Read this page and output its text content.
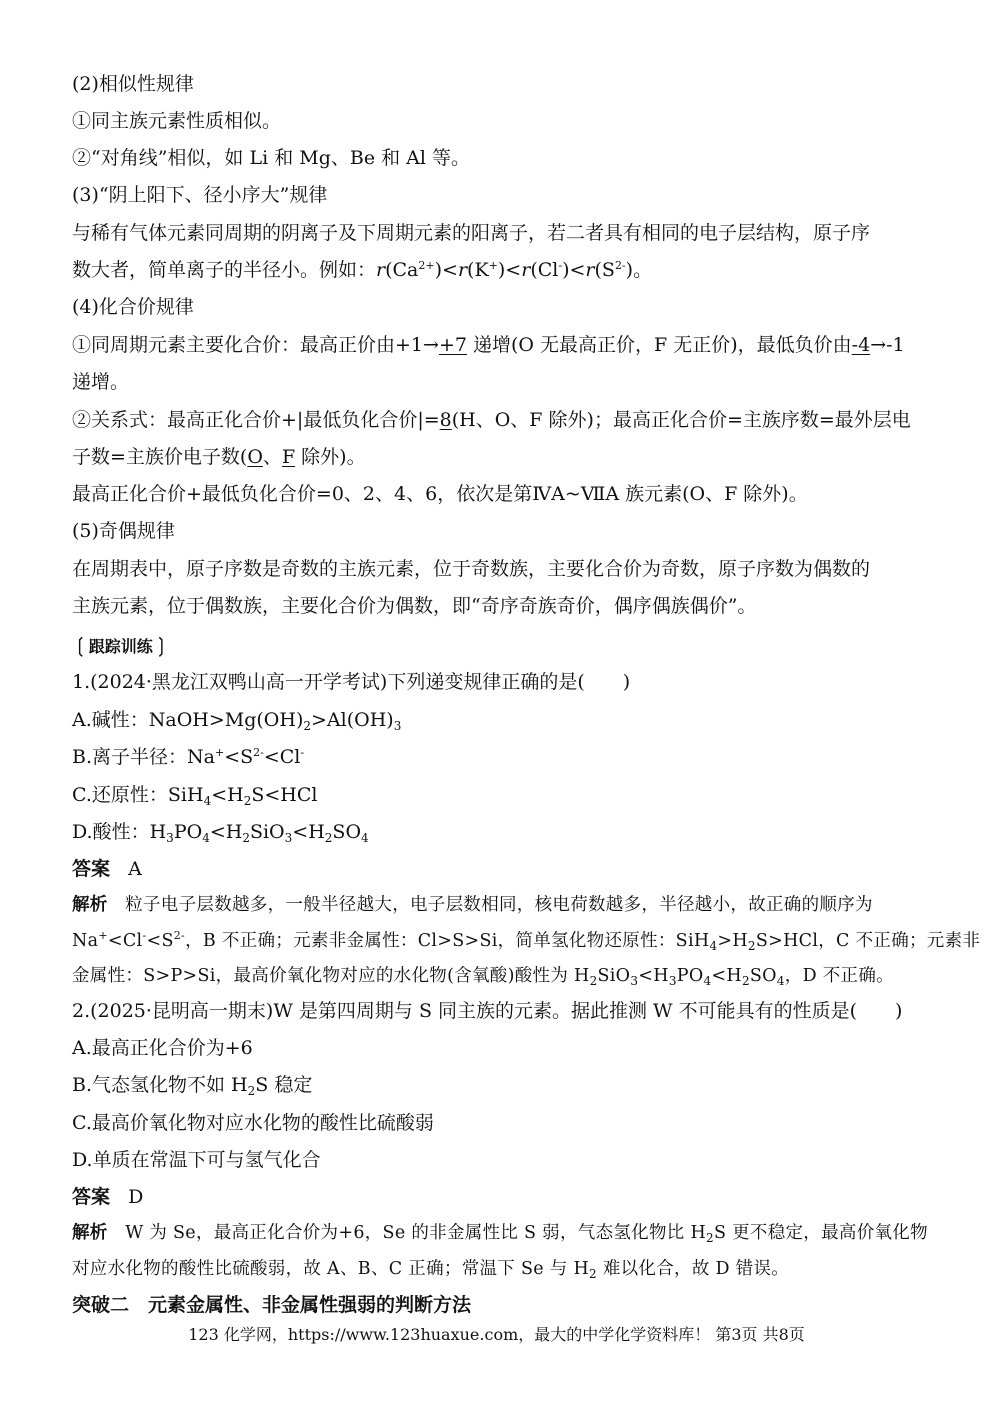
(2)相似性规律
①同主族元素性质相似。
②“对角线”相似，如 Li 和 Mg、Be 和 Al 等。
(3)“阴上阳下、径小序大”规律
与稀有气体元素同周期的阴离子及下周期元素的阳离子，若二者具有相同的电子层结构，原子序
数大者，简单离子的半径小。例如：$r(Ca^{2+})<r(K^+)<r(Cl^-)<r(S^{2-})$。
(4)化合价规律
①同周期元素主要化合价：最高正价由+1→+7 递增(O 无最高正价，F 无正价)，最低负价由-4→-1
递增。
②关系式：最高正化合价+|最低负化合价|=8(H、O、F 除外)；最高正化合价=主族序数=最外层电
子数=主族价电子数(O、F 除外)。
最高正化合价+最低负化合价=0、2、4、6，依次是第ⅣA~ⅦA 族元素(O、F 除外)。
(5)奇偶规律
在周期表中，原子序数是奇数的主族元素，位于奇数族，主要化合价为奇数，原子序数为偶数的
主族元素，位于偶数族，主要化合价为偶数，即“奇序奇族奇价，偶序偶族偶价”。
❲跟踪训练❳
1.(2024·黑龙江双鸭山高一开学考试)下列递变规律正确的是(　　)
A.碱性：$NaOH>Mg(OH)_2>Al(OH)_3$
B.离子半径：$Na^+<S^{2-}<Cl^-$
C.还原性：$SiH_4<H_2S<HCl$
D.酸性：$H_3PO_4<H_2SiO_3<H_2SO_4$
答案 A
解析 粒子电子层数越多，一般半径越大，电子层数相同，核电荷数越多，半径越小，故正确的顺序为
$Na^+<Cl^-<S^{2-}$，B 不正确；元素非金属性：Cl>S>Si，简单氢化物还原性：$SiH_4>H_2S>HCl$，C 不正确；元素非
金属性：S>P>Si，最高价氧化物对应的水化物(含氧酸)酸性为 $H_2SiO_3<H_3PO_4<H_2SO_4$，D 不正确。
2.(2025·昆明高一期末)W 是第四周期与 S 同主族的元素。据此推测 W 不可能具有的性质是(　　)
A.最高正化合价为+6
B.气态氢化物不如 $H_2S$ 稳定
C.最高价氧化物对应水化物的酸性比硫酸弱
D.单质在常温下可与氢气化合
答案 D
解析 W 为 Se，最高正化合价为+6，Se 的非金属性比 S 弱，气态氢化物比 $H_2S$ 更不稳定，最高价氧化物
对应水化物的酸性比硫酸弱，故 A、B、C 正确；常温下 Se 与 $H_2$ 难以化合，故 D 错误。
突破二　元素金属性、非金属性强弱的判断方法
123 化学网，https://www.123huaxue.com，最大的中学化学资料库！ 第3页 共8页
